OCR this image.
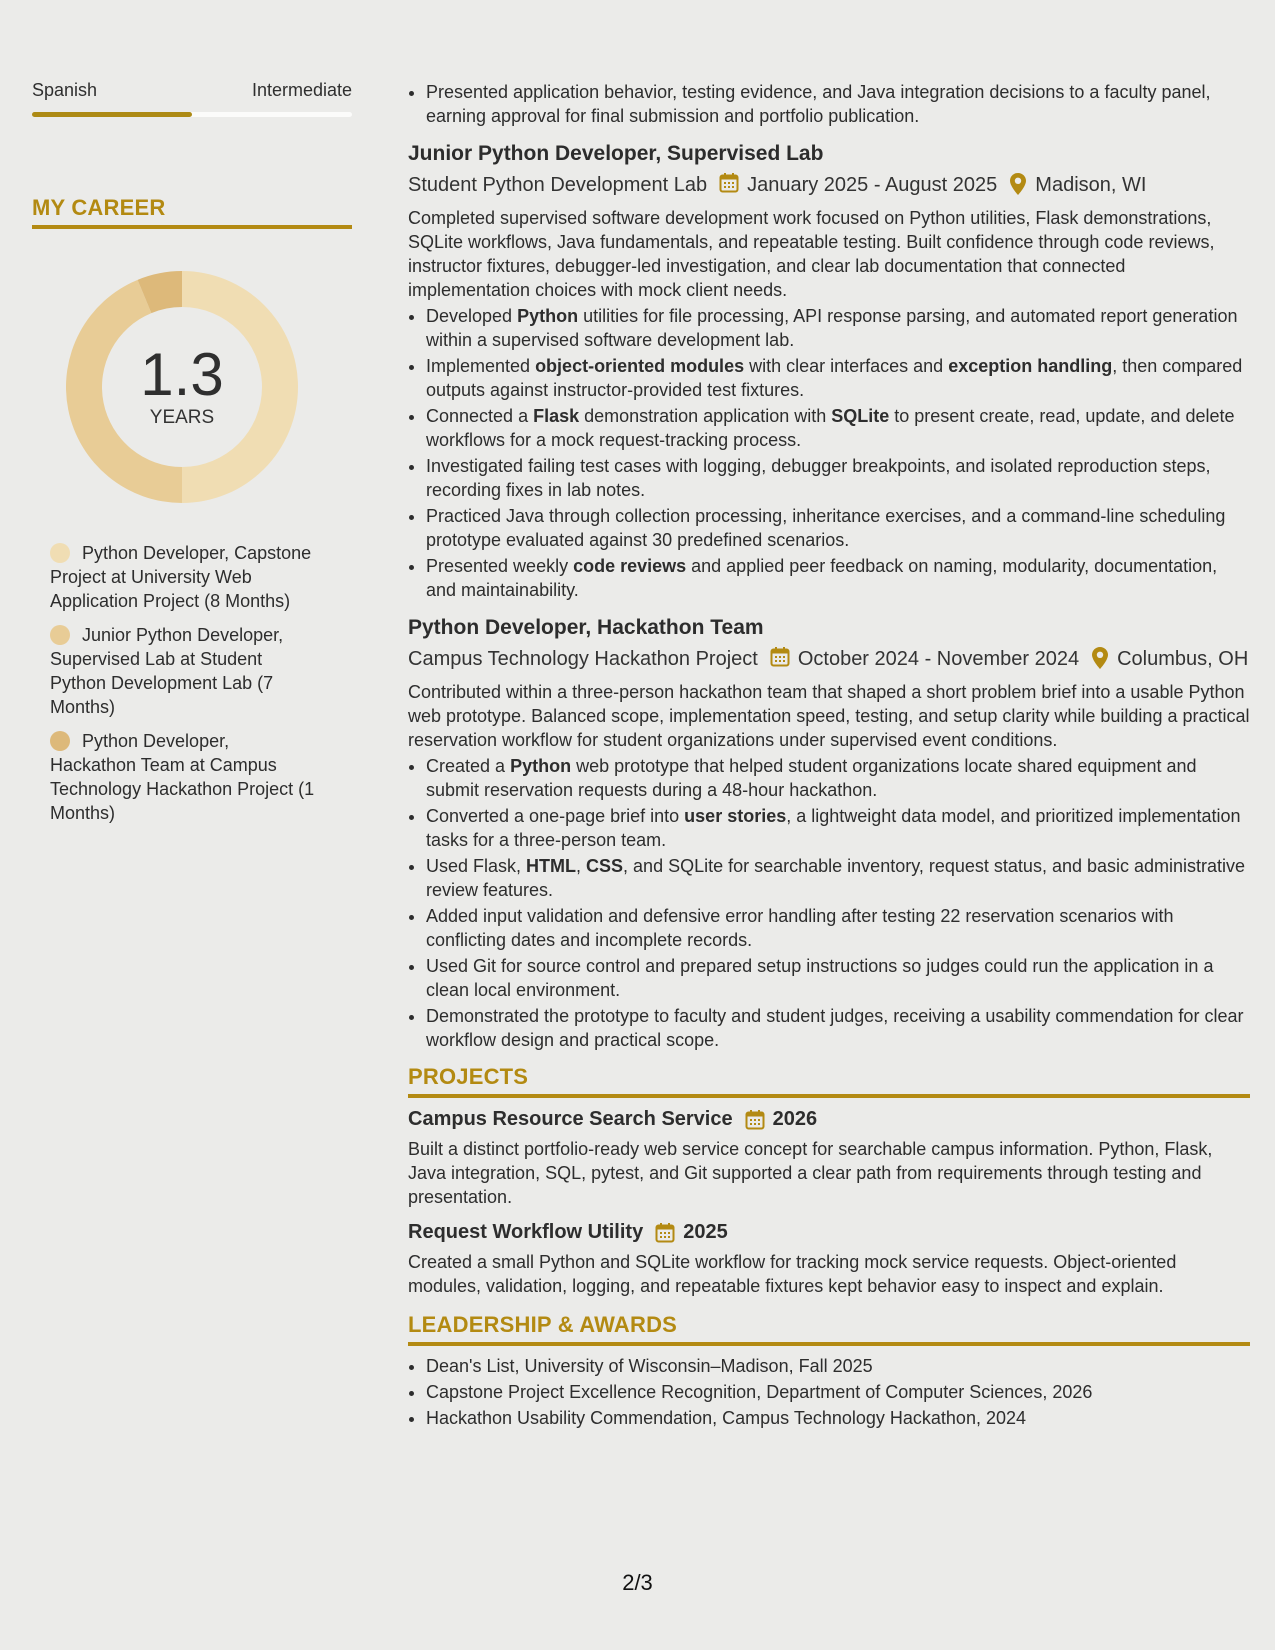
Spanish	Intermediate
MY CAREER
1.3
YEARS
Python Developer, Capstone Project at University Web Application Project (8 Months)
Junior Python Developer, Supervised Lab at Student Python Development Lab (7 Months)
Python Developer, Hackathon Team at Campus Technology Hackathon Project (1 Months)
• Presented application behavior, testing evidence, and Java integration decisions to a faculty panel, earning approval for final submission and portfolio publication.
Junior Python Developer, Supervised Lab
Student Python Development Lab January 2025 - August 2025 Madison, WI
Completed supervised software development work focused on Python utilities, Flask demonstrations, SQLite workflows, Java fundamentals, and repeatable testing. Built confidence through code reviews, instructor fixtures, debugger-led investigation, and clear lab documentation that connected implementation choices with mock client needs.
• Developed Python utilities for file processing, API response parsing, and automated report generation within a supervised software development lab.
• Implemented object-oriented modules with clear interfaces and exception handling, then compared outputs against instructor-provided test fixtures.
• Connected a Flask demonstration application with SQLite to present create, read, update, and delete workflows for a mock request-tracking process.
• Investigated failing test cases with logging, debugger breakpoints, and isolated reproduction steps, recording fixes in lab notes.
• Practiced Java through collection processing, inheritance exercises, and a command-line scheduling prototype evaluated against 30 predefined scenarios.
• Presented weekly code reviews and applied peer feedback on naming, modularity, documentation, and maintainability.
Python Developer, Hackathon Team
Campus Technology Hackathon Project October 2024 - November 2024 Columbus, OH
Contributed within a three-person hackathon team that shaped a short problem brief into a usable Python web prototype. Balanced scope, implementation speed, testing, and setup clarity while building a practical reservation workflow for student organizations under supervised event conditions.
• Created a Python web prototype that helped student organizations locate shared equipment and submit reservation requests during a 48-hour hackathon.
• Converted a one-page brief into user stories, a lightweight data model, and prioritized implementation tasks for a three-person team.
• Used Flask, HTML, CSS, and SQLite for searchable inventory, request status, and basic administrative review features.
• Added input validation and defensive error handling after testing 22 reservation scenarios with conflicting dates and incomplete records.
• Used Git for source control and prepared setup instructions so judges could run the application in a clean local environment.
• Demonstrated the prototype to faculty and student judges, receiving a usability commendation for clear workflow design and practical scope.
PROJECTS
Campus Resource Search Service 2026
Built a distinct portfolio-ready web service concept for searchable campus information. Python, Flask, Java integration, SQL, pytest, and Git supported a clear path from requirements through testing and presentation.
Request Workflow Utility 2025
Created a small Python and SQLite workflow for tracking mock service requests. Object-oriented modules, validation, logging, and repeatable fixtures kept behavior easy to inspect and explain.
LEADERSHIP & AWARDS
• Dean's List, University of Wisconsin–Madison, Fall 2025
• Capstone Project Excellence Recognition, Department of Computer Sciences, 2026
• Hackathon Usability Commendation, Campus Technology Hackathon, 2024
2/3
